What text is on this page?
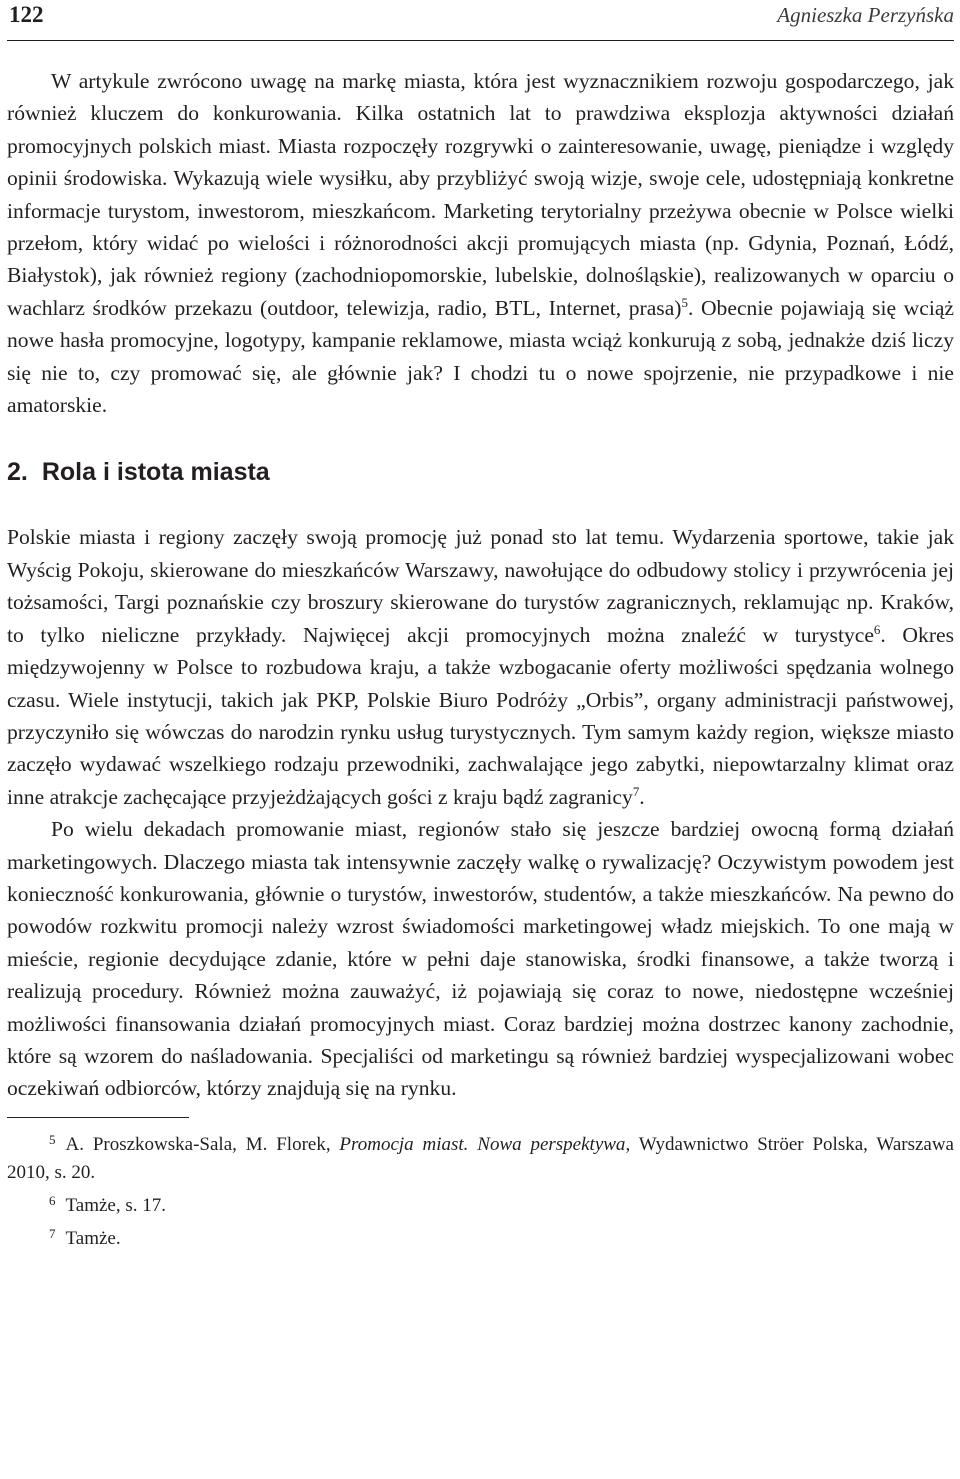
122	Agnieszka Perzyńska

W artykule zwrócono uwagę na markę miasta, która jest wyznacznikiem rozwoju gospodarczego, jak również kluczem do konkurowania. Kilka ostatnich lat to prawdziwa eksplozja aktywności działań promocyjnych polskich miast. Miasta rozpoczęły rozgrywki o zainteresowanie, uwagę, pieniądze i względy opinii środowiska. Wykazują wiele wysiłku, aby przybliżyć swoją wizje, swoje cele, udostępniają konkretne informacje turystom, inwestorom, mieszkańcom. Marketing terytorialny przeżywa obecnie w Polsce wielki przełom, który widać po wielości i różnorodności akcji promujących miasta (np. Gdynia, Poznań, Łódź, Białystok), jak również regiony (zachodniopomorskie, lubelskie, dolnośląskie), realizowanych w oparciu o wachlarz środków przekazu (outdoor, telewizja, radio, BTL, Internet, prasa)$^5$. Obecnie pojawiają się wciąż nowe hasła promocyjne, logotypy, kampanie reklamowe, miasta wciąż konkurują z sobą, jednakże dziś liczy się nie to, czy promować się, ale głównie jak? I chodzi tu o nowe spojrzenie, nie przypadkowe i nie amatorskie.

2. Rola i istota miasta

Polskie miasta i regiony zaczęły swoją promocję już ponad sto lat temu. Wydarzenia sportowe, takie jak Wyścig Pokoju, skierowane do mieszkańców Warszawy, nawołujące do odbudowy stolicy i przywrócenia jej tożsamości, Targi poznańskie czy broszury skierowane do turystów zagranicznych, reklamując np. Kraków, to tylko nieliczne przykłady. Najwięcej akcji promocyjnych można znaleźć w turystyce$^6$. Okres międzywojenny w Polsce to rozbudowa kraju, a także wzbogacanie oferty możliwości spędzania wolnego czasu. Wiele instytucji, takich jak PKP, Polskie Biuro Podróży „Orbis”, organy administracji państwowej, przyczyniło się wówczas do narodzin rynku usług turystycznych. Tym samym każdy region, większe miasto zaczęło wydawać wszelkiego rodzaju przewodniki, zachwalające jego zabytki, niepowtarzalny klimat oraz inne atrakcje zachęcające przyjeżdżających gości z kraju bądź zagranicy$^7$.

Po wielu dekadach promowanie miast, regionów stało się jeszcze bardziej owocną formą działań marketingowych. Dlaczego miasta tak intensywnie zaczęły walkę o rywalizację? Oczywistym powodem jest konieczność konkurowania, głównie o turystów, inwestorów, studentów, a także mieszkańców. Na pewno do powodów rozkwitu promocji należy wzrost świadomości marketingowej władz miejskich. To one mają w mieście, regionie decydujące zdanie, które w pełni daje stanowiska, środki finansowe, a także tworzą i realizują procedury. Również można zauważyć, iż pojawiają się coraz to nowe, niedostępne wcześniej możliwości finansowania działań promocyjnych miast. Coraz bardziej można dostrzec kanony zachodnie, które są wzorem do naśladowania. Specjaliści od marketingu są również bardziej wyspecjalizowani wobec oczekiwań odbiorców, którzy znajdują się na rynku.

$^5$ A. Proszkowska-Sala, M. Florek, Promocja miast. Nowa perspektywa, Wydawnictwo Ströer Polska, Warszawa 2010, s. 20.

$^6$ Tamże, s. 17.

$^7$ Tamże.
